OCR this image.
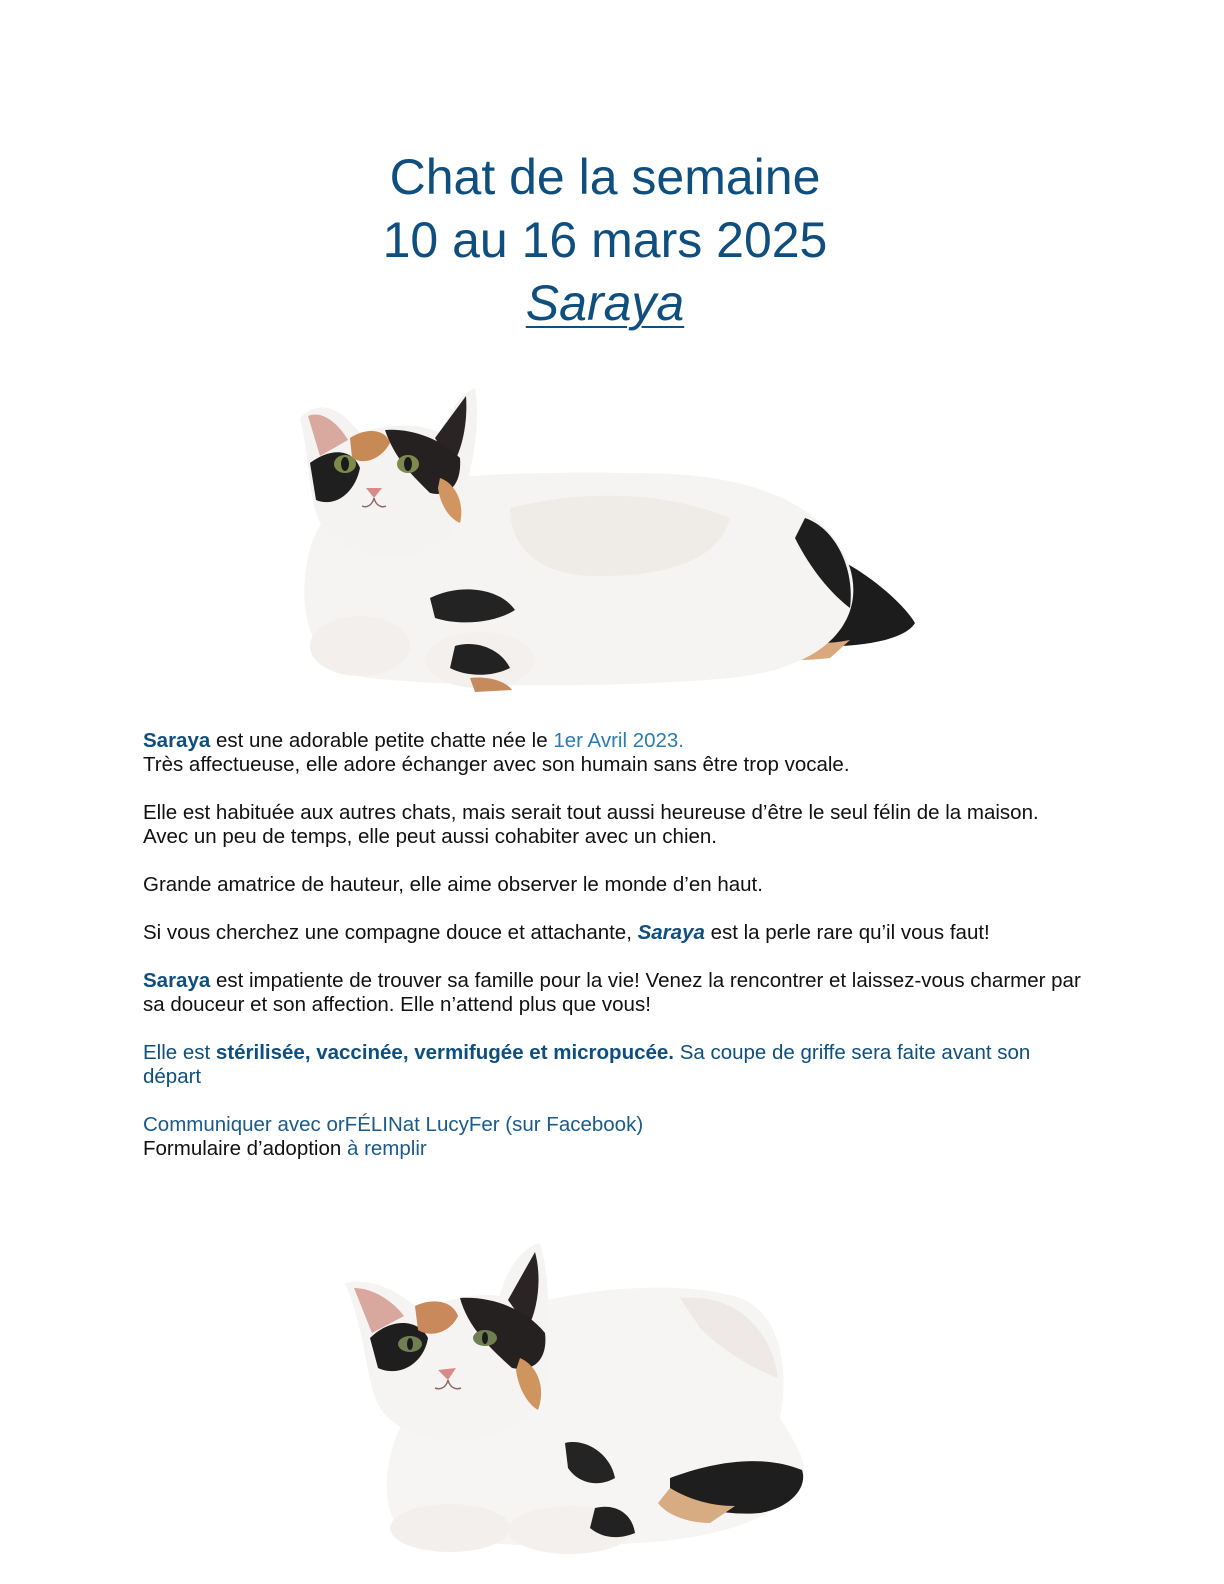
Chat de la semaine
10 au 16 mars 2025
Saraya

Saraya est une adorable petite chatte née le 1er Avril 2023.
Très affectueuse, elle adore échanger avec son humain sans être trop vocale.

Elle est habituée aux autres chats, mais serait tout aussi heureuse d’être le seul félin de la maison. Avec un peu de temps, elle peut aussi cohabiter avec un chien.

Grande amatrice de hauteur, elle aime observer le monde d’en haut.

Si vous cherchez une compagne douce et attachante, Saraya est la perle rare qu’il vous faut!

Saraya est impatiente de trouver sa famille pour la vie! Venez la rencontrer et laissez-vous charmer par sa douceur et son affection. Elle n’attend plus que vous!

Elle est stérilisée, vaccinée, vermifugée et micropucée. Sa coupe de griffe sera faite avant son départ

Communiquer avec orFÉLINat LucyFer (sur Facebook)
Formulaire d’adoption à remplir
